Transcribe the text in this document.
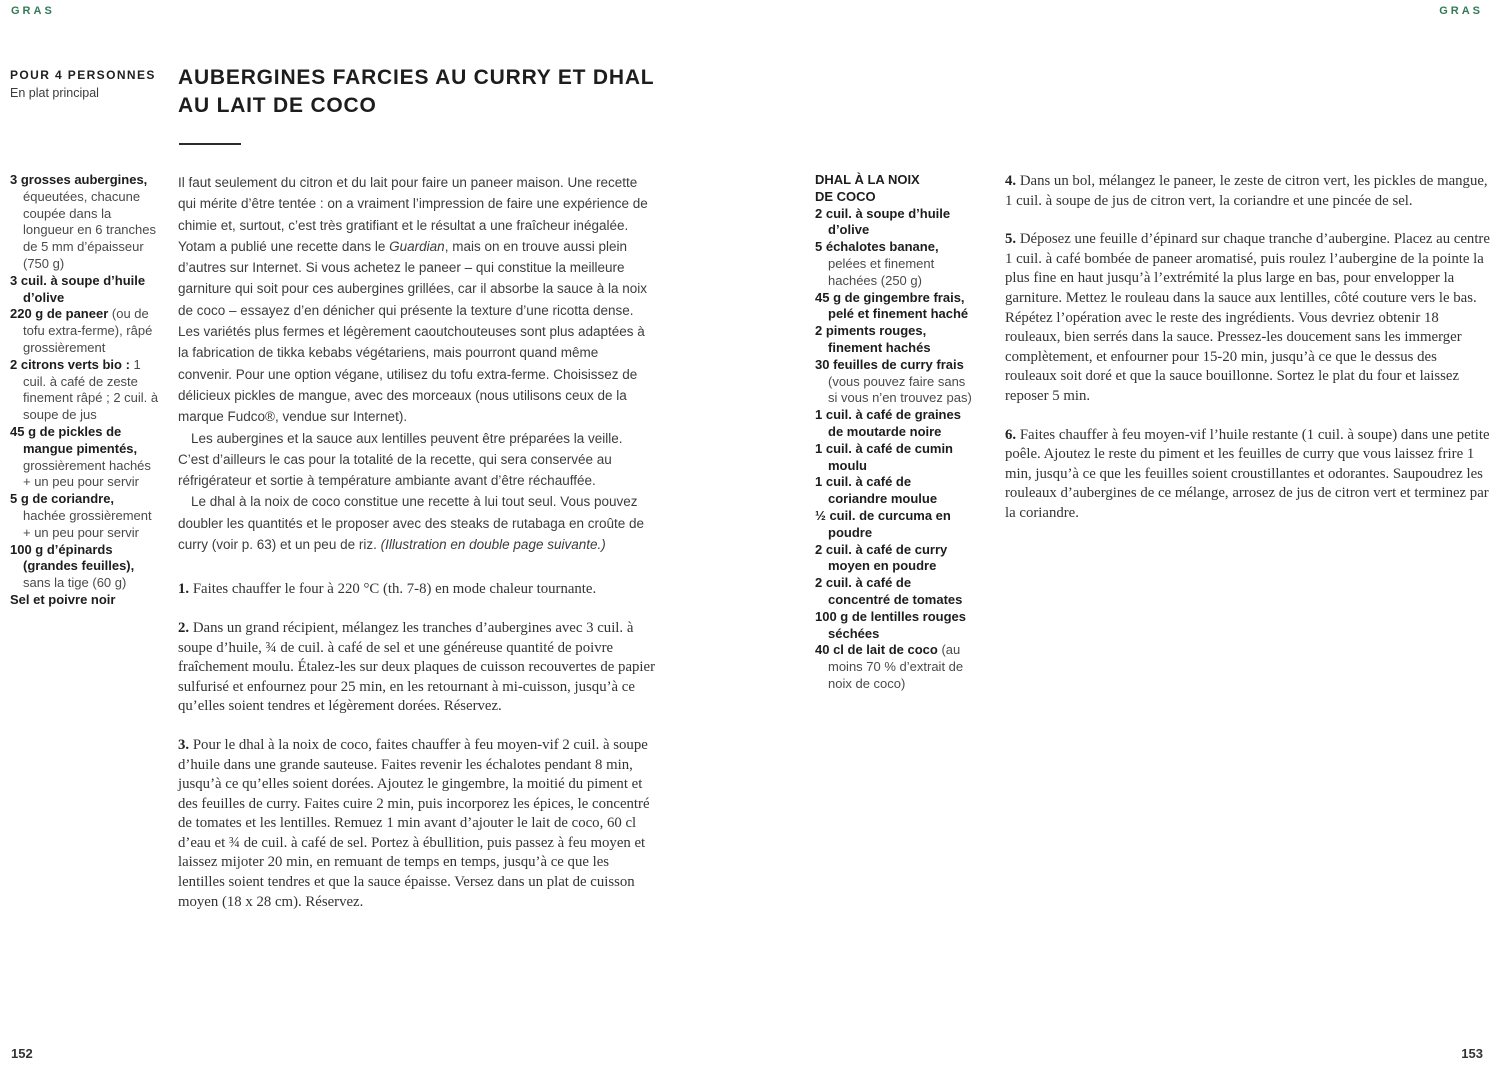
GRAS	GRAS
POUR 4 PERSONNES
En plat principal
AUBERGINES FARCIES AU CURRY ET DHAL
AU LAIT DE COCO

3 grosses aubergines, équeutées, chacune coupée dans la longueur en 6 tranches de 5 mm d’épaisseur (750 g)

3 cuil. à soupe d’huile d’olive

220 g de paneer (ou de tofu extra-ferme), râpé grossièrement

2 citrons verts bio : 1 cuil. à café de zeste finement râpé ; 2 cuil. à soupe de jus

45 g de pickles de mangue pimentés, grossièrement hachés + un peu pour servir

5 g de coriandre, hachée grossièrement + un peu pour servir

100 g d’épinards (grandes feuilles), sans la tige (60 g)

Sel et poivre noir

Il faut seulement du citron et du lait pour faire un paneer maison. Une recette qui mérite d’être tentée : on a vraiment l’impression de faire une expérience de chimie et, surtout, c’est très gratifiant et le résultat a une fraîcheur inégalée. Yotam a publié une recette dans le Guardian, mais on en trouve aussi plein d’autres sur Internet. Si vous achetez le paneer – qui constitue la meilleure garniture qui soit pour ces aubergines grillées, car il absorbe la sauce à la noix de coco – essayez d’en dénicher qui présente la texture d’une ricotta dense. Les variétés plus fermes et légèrement caoutchouteuses sont plus adaptées à la fabrication de tikka kebabs végétariens, mais pourront quand même convenir. Pour une option végane, utilisez du tofu extra-ferme. Choisissez de délicieux pickles de mangue, avec des morceaux (nous utilisons ceux de la marque Fudco®, vendue sur Internet).

Les aubergines et la sauce aux lentilles peuvent être préparées la veille. C’est d’ailleurs le cas pour la totalité de la recette, qui sera conservée au réfrigérateur et sortie à température ambiante avant d’être réchauffée.

Le dhal à la noix de coco constitue une recette à lui tout seul. Vous pouvez doubler les quantités et le proposer avec des steaks de rutabaga en croûte de curry (voir p. 63) et un peu de riz. (Illustration en double page suivante.)

1. Faites chauffer le four à 220 °C (th. 7-8) en mode chaleur tournante.

2. Dans un grand récipient, mélangez les tranches d’aubergines avec 3 cuil. à soupe d’huile, ¾ de cuil. à café de sel et une généreuse quantité de poivre fraîchement moulu. Étalez-les sur deux plaques de cuisson recouvertes de papier sulfurisé et enfournez pour 25 min, en les retournant à mi-cuisson, jusqu’à ce qu’elles soient tendres et légèrement dorées. Réservez.

3. Pour le dhal à la noix de coco, faites chauffer à feu moyen-vif 2 cuil. à soupe d’huile dans une grande sauteuse. Faites revenir les échalotes pendant 8 min, jusqu’à ce qu’elles soient dorées. Ajoutez le gingembre, la moitié du piment et des feuilles de curry. Faites cuire 2 min, puis incorporez les épices, le concentré de tomates et les lentilles. Remuez 1 min avant d’ajouter le lait de coco, 60 cl d’eau et ¾ de cuil. à café de sel. Portez à ébullition, puis passez à feu moyen et laissez mijoter 20 min, en remuant de temps en temps, jusqu’à ce que les lentilles soient tendres et que la sauce épaisse. Versez dans un plat de cuisson moyen (18 x 28 cm). Réservez.

DHAL À LA NOIX
DE COCO

2 cuil. à soupe d’huile d’olive

5 échalotes banane, pelées et finement hachées (250 g)

45 g de gingembre frais, pelé et finement haché

2 piments rouges, finement hachés

30 feuilles de curry frais (vous pouvez faire sans si vous n’en trouvez pas)

1 cuil. à café de graines de moutarde noire

1 cuil. à café de cumin moulu

1 cuil. à café de coriandre moulue

½ cuil. de curcuma en poudre

2 cuil. à café de curry moyen en poudre

2 cuil. à café de concentré de tomates

100 g de lentilles rouges séchées

40 cl de lait de coco (au moins 70 % d’extrait de noix de coco)

4. Dans un bol, mélangez le paneer, le zeste de citron vert, les pickles de mangue, 1 cuil. à soupe de jus de citron vert, la coriandre et une pincée de sel.

5. Déposez une feuille d’épinard sur chaque tranche d’aubergine. Placez au centre 1 cuil. à café bombée de paneer aromatisé, puis roulez l’aubergine de la pointe la plus fine en haut jusqu’à l’extrémité la plus large en bas, pour envelopper la garniture. Mettez le rouleau dans la sauce aux lentilles, côté couture vers le bas. Répétez l’opération avec le reste des ingrédients. Vous devriez obtenir 18 rouleaux, bien serrés dans la sauce. Pressez-les doucement sans les immerger complètement, et enfourner pour 15-20 min, jusqu’à ce que le dessus des rouleaux soit doré et que la sauce bouillonne. Sortez le plat du four et laissez reposer 5 min.

6. Faites chauffer à feu moyen-vif l’huile restante (1 cuil. à soupe) dans une petite poêle. Ajoutez le reste du piment et les feuilles de curry que vous laissez frire 1 min, jusqu’à ce que les feuilles soient croustillantes et odorantes. Saupoudrez les rouleaux d’aubergines de ce mélange, arrosez de jus de citron vert et terminez par la coriandre.

152	153
